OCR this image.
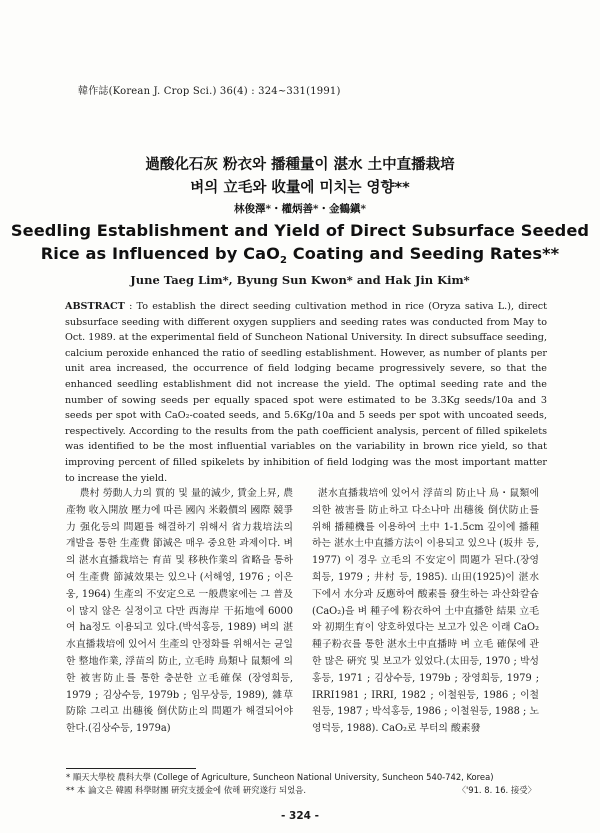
韓作誌(Korean J. Crop Sci.) 36(4) : 324~331(1991)
過酸化石灰 粉衣와 播種量이 湛水 土中直播栽培
벼의 立毛와 收量에 미치는 영향**
林俊澤*・權炳善*・金鶴鎭*
Seedling Establishment and Yield of Direct Subsurface Seeded
Rice as Influenced by CaO$_2$ Coating and Seeding Rates**
June Taeg Lim*, Byung Sun Kwon* and Hak Jin Kim*
ABSTRACT : To establish the direct seeding cultivation method in rice (Oryza sativa L.), direct subsurface seeding with different oxygen suppliers and seeding rates was conducted from May to Oct. 1989. at the experimental field of Suncheon National University. In direct subsufface seeding, calcium peroxide enhanced the ratio of seedling establishment. However, as number of plants per unit area increased, the occurrence of field lodging became progressively severe, so that the enhanced seedling establishment did not increase the yield. The optimal seeding rate and the number of sowing seeds per equally spaced spot were estimated to be 3.3Kg seeds/10a and 3 seeds per spot with CaO₂-coated seeds, and 5.6Kg/10a and 5 seeds per spot with uncoated seeds, respectively. According to the results from the path coefficient analysis, percent of filled spikelets was identified to be the most influential variables on the variability in brown rice yield, so that improving percent of filled spikelets by inhibition of field lodging was the most important matter to increase the yield.

農村 勞動人力의 質的 및 量的減少, 賃金上昇, 農產物 收入開放 壓力에 따른 國內 米穀價의 國際 競爭力 强化등의 問題를 해결하기 위해서 省力栽培法의 개발을 통한 生產費 節減은 매우 중요한 과제이다. 벼의 湛水直播栽培는 育苗 및 移秧作業의 省略을 통하여 生產費 節減效果는 있으나 (서해영, 1976 ; 이은웅, 1964) 生產의 不安定으로 一般農家에는 그 普及이 많지 않은 실정이고 다만 西海岸 干拓地에 6000여 ha정도 이용되고 있다.(박석홍등, 1989) 벼의 湛水直播栽培에 있어서 生產의 안정화를 위해서는 균일한 整地作業, 浮苗의 防止, 立毛時 鳥類나 鼠類에 의한 被害防止를 통한 충분한 立毛確保 (장영희등, 1979 ; 김상수등, 1979b ; 임무상등, 1989), 雜草防除 그리고 出穗後 倒伏防止의 問題가 해결되어야 한다.(김상수등, 1979a)

湛水直播栽培에 있어서 浮苗의 防止나 鳥・鼠類에 의한 被害를 防止하고 다소나마 出穗後 倒伏防止를 위해 播種機를 이용하여 土中 1-1.5cm 깊이에 播種하는 湛水土中直播方法이 이용되고 있으나 (坂井 등, 1977) 이 경우 立毛의 不安定이 問題가 된다.(장영희등, 1979 ; 井村 등, 1985). 山田(1925)이 湛水下에서 水分과 反應하여 酸素를 發生하는 과산화칼슘(CaO₂)을 벼 種子에 粉衣하여 土中直播한 結果 立毛와 初期生育이 양호하였다는 보고가 있은 이래 CaO₂ 種子粉衣를 통한 湛水土中直播時 벼 立毛 確保에 관한 많은 硏究 및 보고가 있었다.(太田등, 1970 ; 박성홍등, 1971 ; 김상수등, 1979b ; 장영희등, 1979 ; IRRI1981 ; IRRI, 1982 ; 이철원등, 1986 ; 이철원등, 1987 ; 박석홍등, 1986 ; 이철원등, 1988 ; 노영덕등, 1988). CaO₂로 부터의 酸素發

* 順天大學校 農科大學 (College of Agriculture, Suncheon National University, Suncheon 540-742, Korea)
** 本 論文은 韓國 科學財團 硏究支援金에 依해 硏究遂行 되었음.	〈'91. 8. 16. 接受〉
- 324 -
